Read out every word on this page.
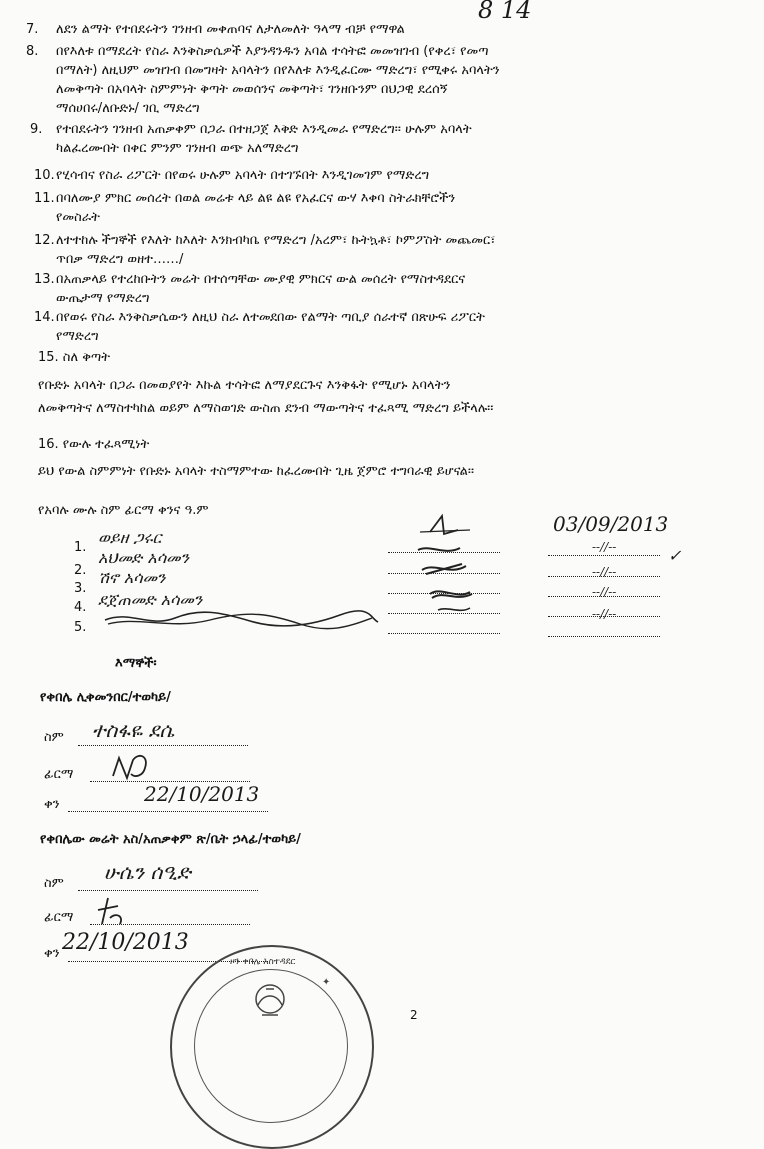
8 14
7. ለደን ልማት የተበደሩትን ገንዘብ መቀጠባና ለታለመለት ዓላማ ብቻ የማዋል
8. በየእለቱ በማደረት የስራ እንቅስቃሴዎች እያንዳንዱን አባል ተሳትፎ መመዝገብ (የቀረ፣ የመጣ
በማለት) ለዚህም መዝገብ በመግዛት አባላትን በየእለቱ እንዲፈርሙ ማድረግ፣ የሚቀሩ አባላትን
ለመቅጣት በአባላት ስምምነት ቅጣት መወሰንና መቅጣት፣ ገንዘቡንም በህጋዊ ደረሰኝ
ማሰሀበሩ/ለቡድኑ/ ገቢ ማድረግ
9. የተበደሩትን ገንዘብ አጠቃቀም በጋራ በተዘጋጀ እቅድ እንዲመራ የማድረግ፡፡ ሁሉም አባላት
ካልፈረሙበት በቀር ምንም ገንዘብ ወጭ አለማድረግ
10. የሂሳብና የስራ ሪፖርት በየወሩ ሁሉም አባላት በተገኙበት እንዲገመገም የማድረግ
11. በባለሙያ ምክር መሰረት በወል መሬቱ ላይ ልዩ ልዩ የአፈርና ውሃ እቀባ ስትራክቸሮችን
የመስራት
12. ለተተከሉ ችግኞች የእለት ከእለት እንክብካቤ የማድረግ /አረም፣ ኩትኳቶ፣ ኮምፖስት መጨመር፣
ጥበቃ ማድረግ ወዘተ……/
13. በአጠቃላይ የተረከቡትን መሬት በተሰጣቸው ሙያዊ ምክርና ውል መሰረት የማስተዳደርና
ውጤታማ የማድረግ
14. በየወሩ የስራ እንቅስቃሴውን ለዚህ ስራ ለተመደበው የልማት ጣቢያ ሰራተኛ በጽሁፍ ሪፖርት
የማድረግ
15. ስለ ቅጣት
የቡድኑ አባላት በጋራ በመወያየት እኩል ተሳትፎ ለማያደርጉና እንቅፋት የሚሆኑ አባላትን
ለመቅጣትና ለማስተካከል ወይም ለማስወገድ ውስጠ ደንብ ማውጣትና ተፈጻሚ ማድረግ ይችላሉ፡፡
16. የውሉ ተፈጻሚነት
ይህ የውል ስምምነት የቡድኑ አባላት ተስማምተው ከፈረሙበት ጊዜ ጀምሮ ተግባራዊ ይሆናል፡፡
የአባሉ ሙሉ ስም ፊርማ ቀንና ዓ.ም
03/09/2013
1.
ወይዘ ጋሩር
2.
አህመድ አሳመን
3.
ሽኖ አሳመን
4. ደጀጠመድ አሳመን
5.
--//--
--//--
--//--
--//--
✓
እማኞች፡
የቀበሌ ሊቀመንበር/ተወካይ/
ስም ተስፋዬ ደሴ
ፊርማ
ቀን	22/10/2013
የቀበሌው መሬት አስ/አጠቃቀም ጽ/ቤት ኃላፊ/ተወካይ/
ስም ሁሴን ሰዒድ
ፊርማ
ቀን 22/10/2013
ዞን ቀበሌ አስተዳደር
✦
2
